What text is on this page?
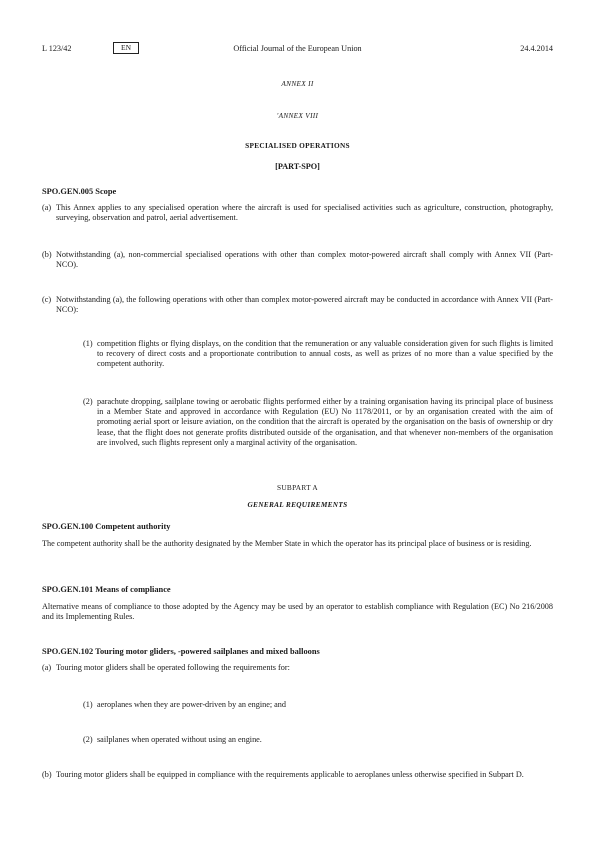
L 123/42	EN	Official Journal of the European Union	24.4.2014
ANNEX II
'ANNEX VIII
SPECIALISED OPERATIONS
[PART-SPO]
SPO.GEN.005 Scope
(a) This Annex applies to any specialised operation where the aircraft is used for specialised activities such as agriculture, construction, photography, surveying, observation and patrol, aerial advertisement.
(b) Notwithstanding (a), non-commercial specialised operations with other than complex motor-powered aircraft shall comply with Annex VII (Part-NCO).
(c) Notwithstanding (a), the following operations with other than complex motor-powered aircraft may be conducted in accordance with Annex VII (Part-NCO):
(1) competition flights or flying displays, on the condition that the remuneration or any valuable consideration given for such flights is limited to recovery of direct costs and a proportionate contribution to annual costs, as well as prizes of no more than a value specified by the competent authority.
(2) parachute dropping, sailplane towing or aerobatic flights performed either by a training organisation having its principal place of business in a Member State and approved in accordance with Regulation (EU) No 1178/2011, or by an organisation created with the aim of promoting aerial sport or leisure aviation, on the condition that the aircraft is operated by the organisation on the basis of ownership or dry lease, that the flight does not generate profits distributed outside of the organisation, and that whenever non-members of the organisation are involved, such flights represent only a marginal activity of the organisation.
SUBPART A
GENERAL REQUIREMENTS
SPO.GEN.100 Competent authority
The competent authority shall be the authority designated by the Member State in which the operator has its principal place of business or is residing.
SPO.GEN.101 Means of compliance
Alternative means of compliance to those adopted by the Agency may be used by an operator to establish compliance with Regulation (EC) No 216/2008 and its Implementing Rules.
SPO.GEN.102 Touring motor gliders, -powered sailplanes and mixed balloons
(a) Touring motor gliders shall be operated following the requirements for:
(1) aeroplanes when they are power-driven by an engine; and
(2) sailplanes when operated without using an engine.
(b) Touring motor gliders shall be equipped in compliance with the requirements applicable to aeroplanes unless otherwise specified in Subpart D.
